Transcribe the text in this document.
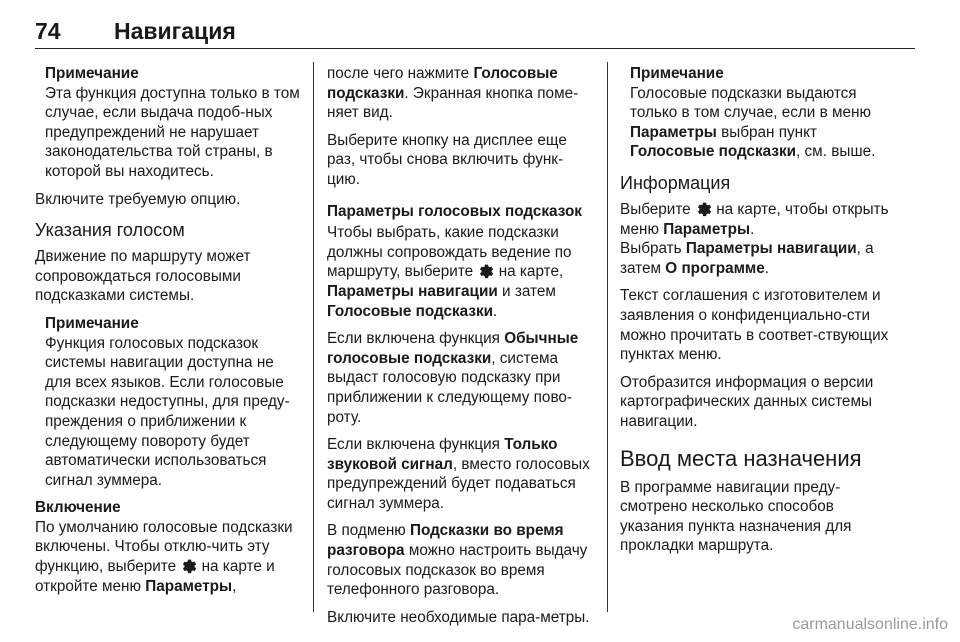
74 Навигация

Примечание

Эта функция доступна только в том случае, если выдача подоб-ных предупреждений не нарушает законодательства той страны, в которой вы находитесь.

Включите требуемую опцию.

Указания голосом

Движение по маршруту может сопровождаться голосовыми подсказками системы.

Примечание

Функция голосовых подсказок системы навигации доступна не для всех языков. Если голосовые подсказки недоступны, для преду-преждения о приближении к следующему повороту будет автоматически использоваться сигнал зуммера.

Включение

По умолчанию голосовые подсказки включены. Чтобы отклю-чить эту функцию, выберите на карте и откройте меню Параметры,

после чего нажмите Голосовые подсказки. Экранная кнопка поме-няет вид.

Выберите кнопку на дисплее еще раз, чтобы снова включить функ-цию.

Параметры голосовых подсказок

Чтобы выбрать, какие подсказки должны сопровождать ведение по маршруту, выберите на карте, Параметры навигации и затем Голосовые подсказки.

Если включена функция Обычные голосовые подсказки, система выдаст голосовую подсказку при приближении к следующему пово-роту.

Если включена функция Только звуковой сигнал, вместо голосовых предупреждений будет подаваться сигнал зуммера.

В подменю Подсказки во время разговора можно настроить выдачу голосовых подсказок во время телефонного разговора.

Включите необходимые пара-метры.

Примечание

Голосовые подсказки выдаются только в том случае, если в меню Параметры выбран пункт Голосовые подсказки, см. выше.

Информация

Выберите на карте, чтобы открыть меню Параметры.

Выбрать Параметры навигации, а затем О программе.

Текст соглашения с изготовителем и заявления о конфиденциально-сти можно прочитать в соответ-ствующих пунктах меню.

Отобразится информация о версии картографических данных системы навигации.

Ввод места назначения

В программе навигации преду-смотрено несколько способов указания пункта назначения для прокладки маршрута.

carmanualsonline.info
